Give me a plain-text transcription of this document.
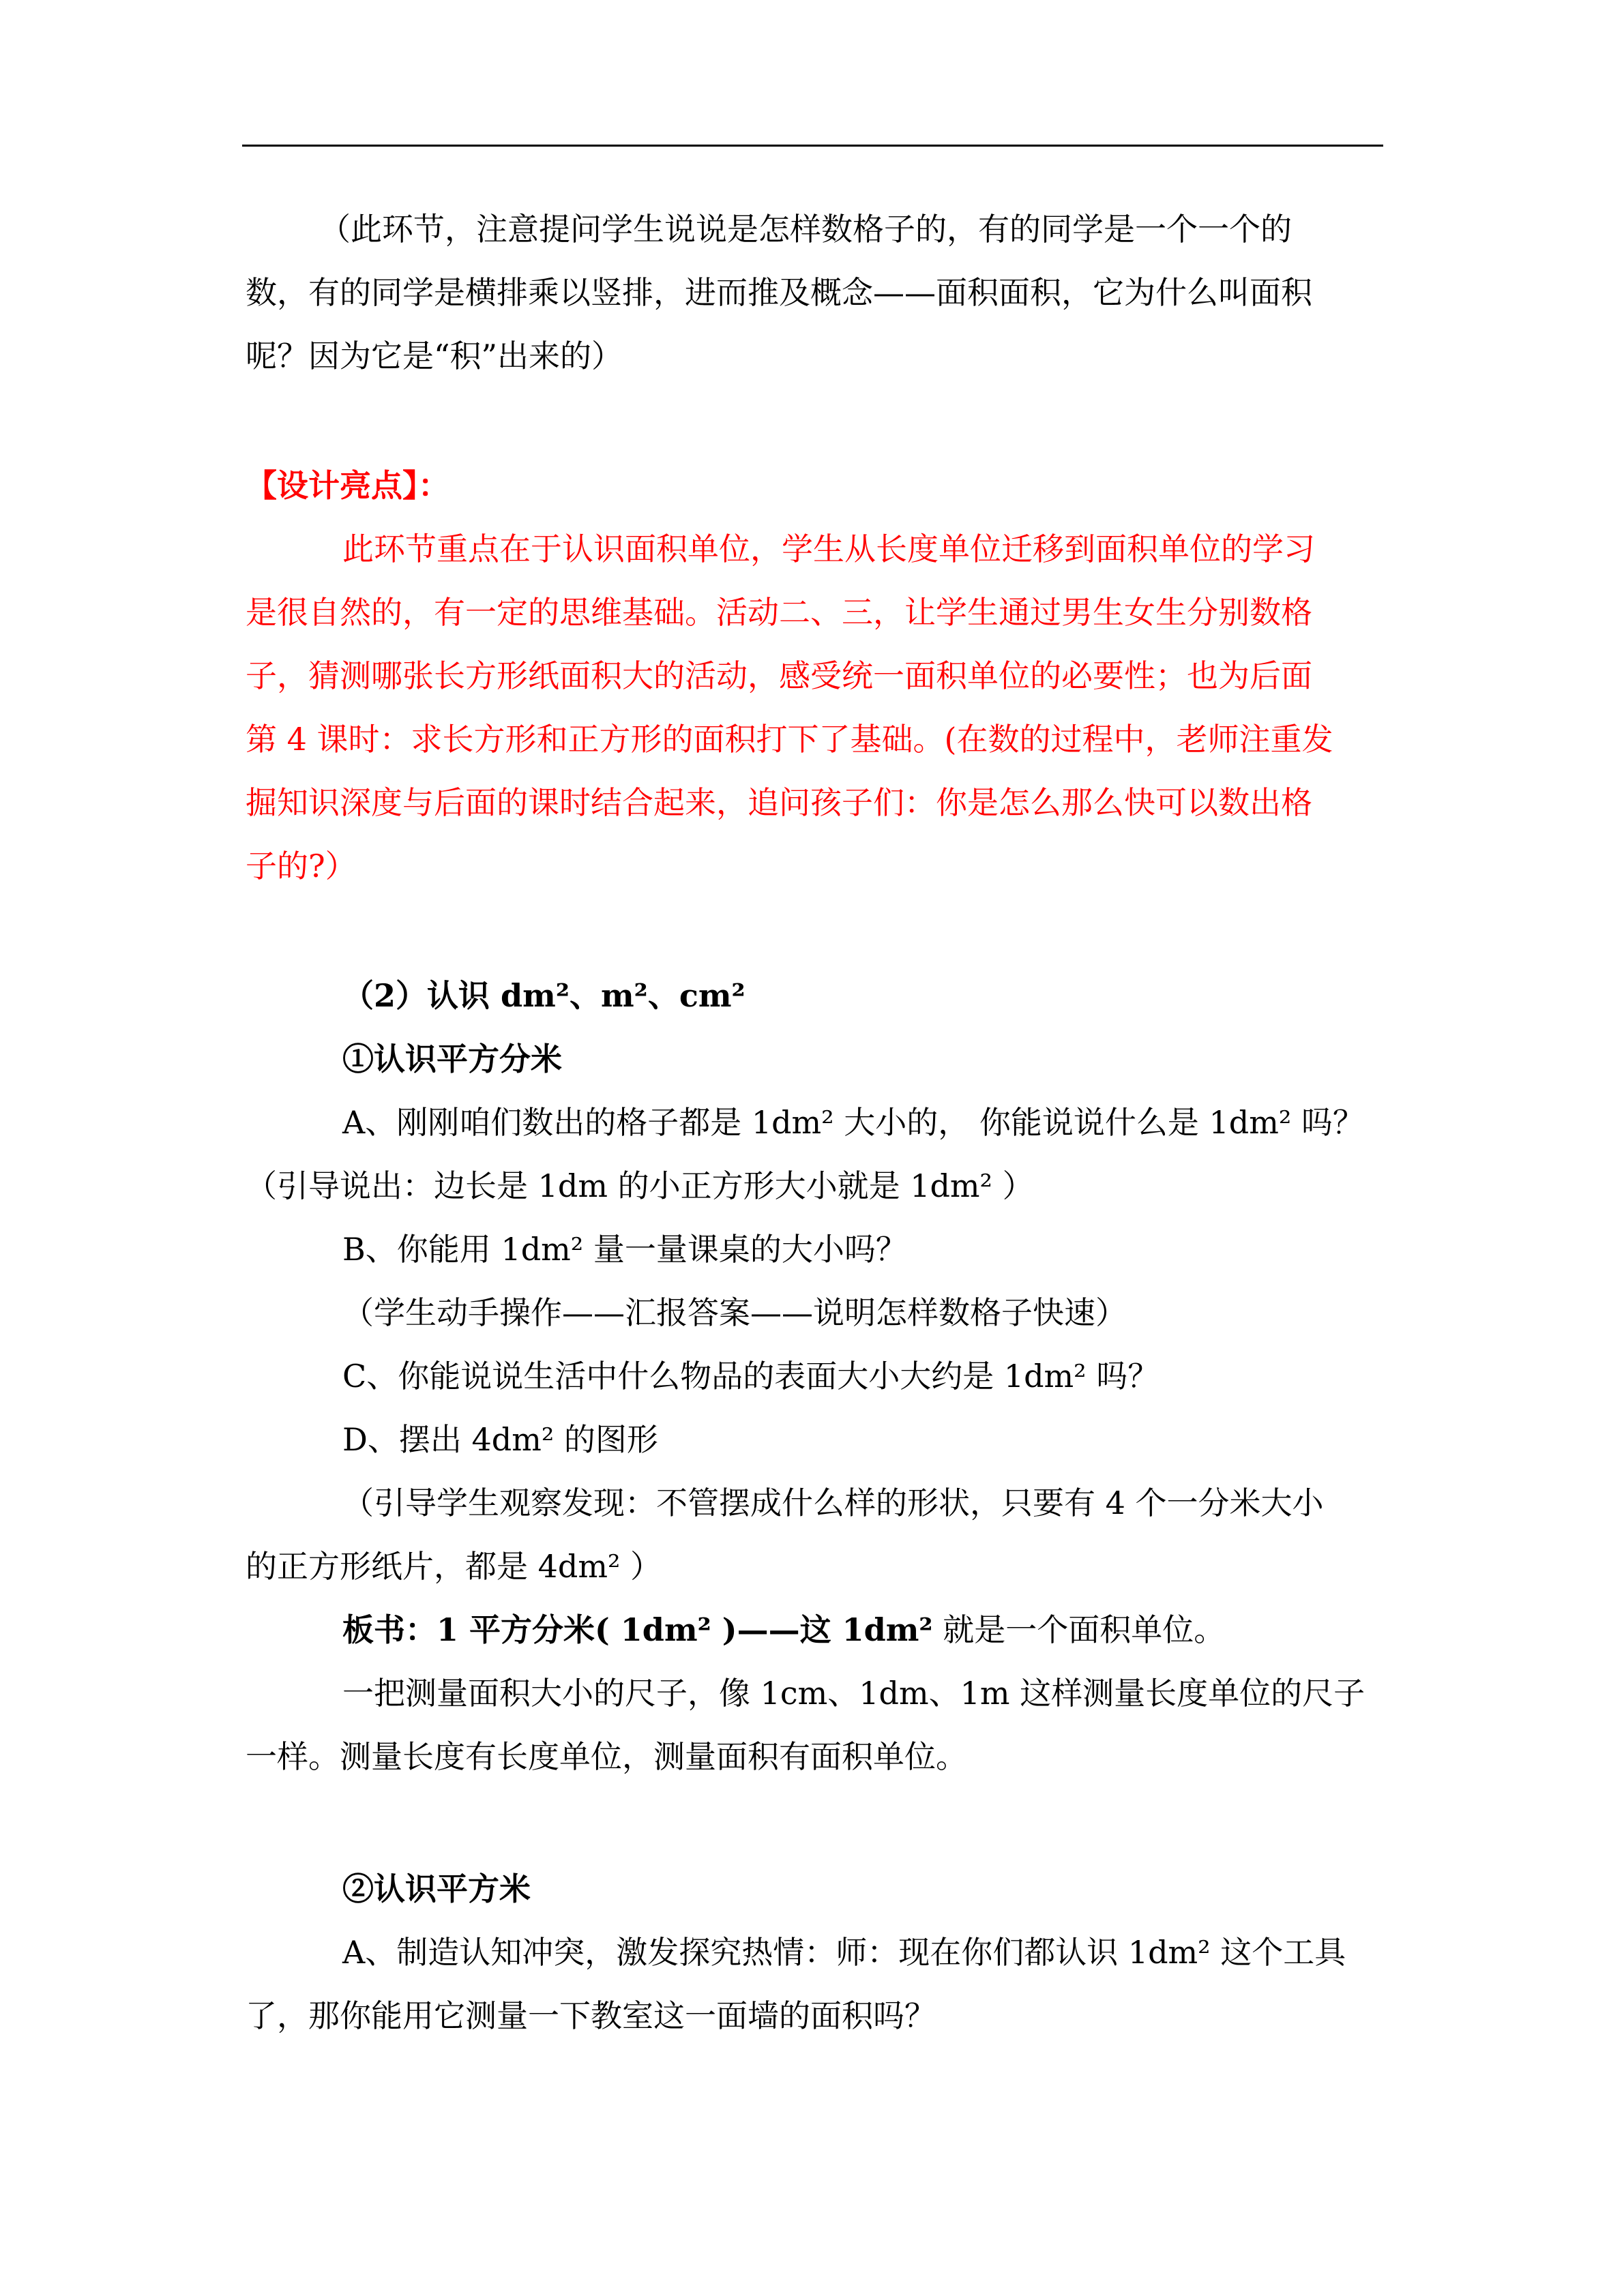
（此环节，注意提问学生说说是怎样数格子的，有的同学是一个一个的

数，有的同学是横排乘以竖排，进而推及概念——面积面积，它为什么叫面积

呢？因为它是“积”出来的）

【设计亮点】：

此环节重点在于认识面积单位，学生从长度单位迁移到面积单位的学习

是很自然的，有一定的思维基础。活动二、三，让学生通过男生女生分别数格

子，猜测哪张长方形纸面积大的活动，感受统一面积单位的必要性；也为后面

第 4 课时：求长方形和正方形的面积打下了基础。(在数的过程中，老师注重发

掘知识深度与后面的课时结合起来，追问孩子们：你是怎么那么快可以数出格

子的?）

（2）认识 dm²、m²、cm²

①认识平方分米

A、刚刚咱们数出的格子都是 1dm² 大小的， 你能说说什么是 1dm² 吗？

（引导说出：边长是 1dm 的小正方形大小就是 1dm² ）

B、你能用 1dm² 量一量课桌的大小吗？

（学生动手操作——汇报答案——说明怎样数格子快速）

C、你能说说生活中什么物品的表面大小大约是 1dm² 吗？

D、摆出 4dm² 的图形

（引导学生观察发现：不管摆成什么样的形状，只要有 4 个一分米大小

的正方形纸片，都是 4dm² ）

板书：1 平方分米( 1dm² )——这 1dm² 就是一个面积单位。

一把测量面积大小的尺子，像 1cm、1dm、1m 这样测量长度单位的尺子

一样。测量长度有长度单位，测量面积有面积单位。

②认识平方米

A、制造认知冲突，激发探究热情：师：现在你们都认识 1dm² 这个工具

了，那你能用它测量一下教室这一面墙的面积吗？
